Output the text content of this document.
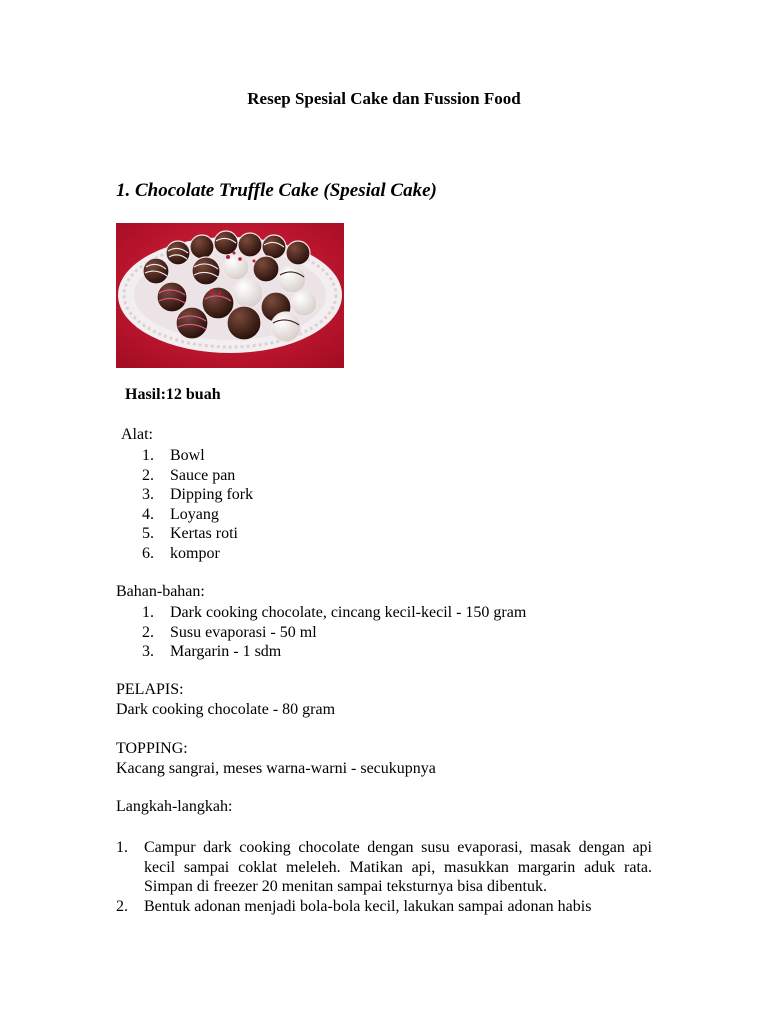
Resep Spesial Cake dan Fussion Food
1. Chocolate Truffle Cake (Spesial Cake)
Hasil:12 buah
Alat:
1. Bowl
2. Sauce pan
3. Dipping fork
4. Loyang
5. Kertas roti
6. kompor
Bahan-bahan:
1. Dark cooking chocolate, cincang kecil-kecil - 150 gram
2. Susu evaporasi - 50 ml
3. Margarin - 1 sdm
PELAPIS:
Dark cooking chocolate - 80 gram
TOPPING:
Kacang sangrai, meses warna-warni - secukupnya
Langkah-langkah:
1. Campur dark cooking chocolate dengan susu evaporasi, masak dengan api kecil sampai coklat meleleh. Matikan api, masukkan margarin aduk rata. Simpan di freezer 20 menitan sampai teksturnya bisa dibentuk.
2. Bentuk adonan menjadi bola-bola kecil, lakukan sampai adonan habis
